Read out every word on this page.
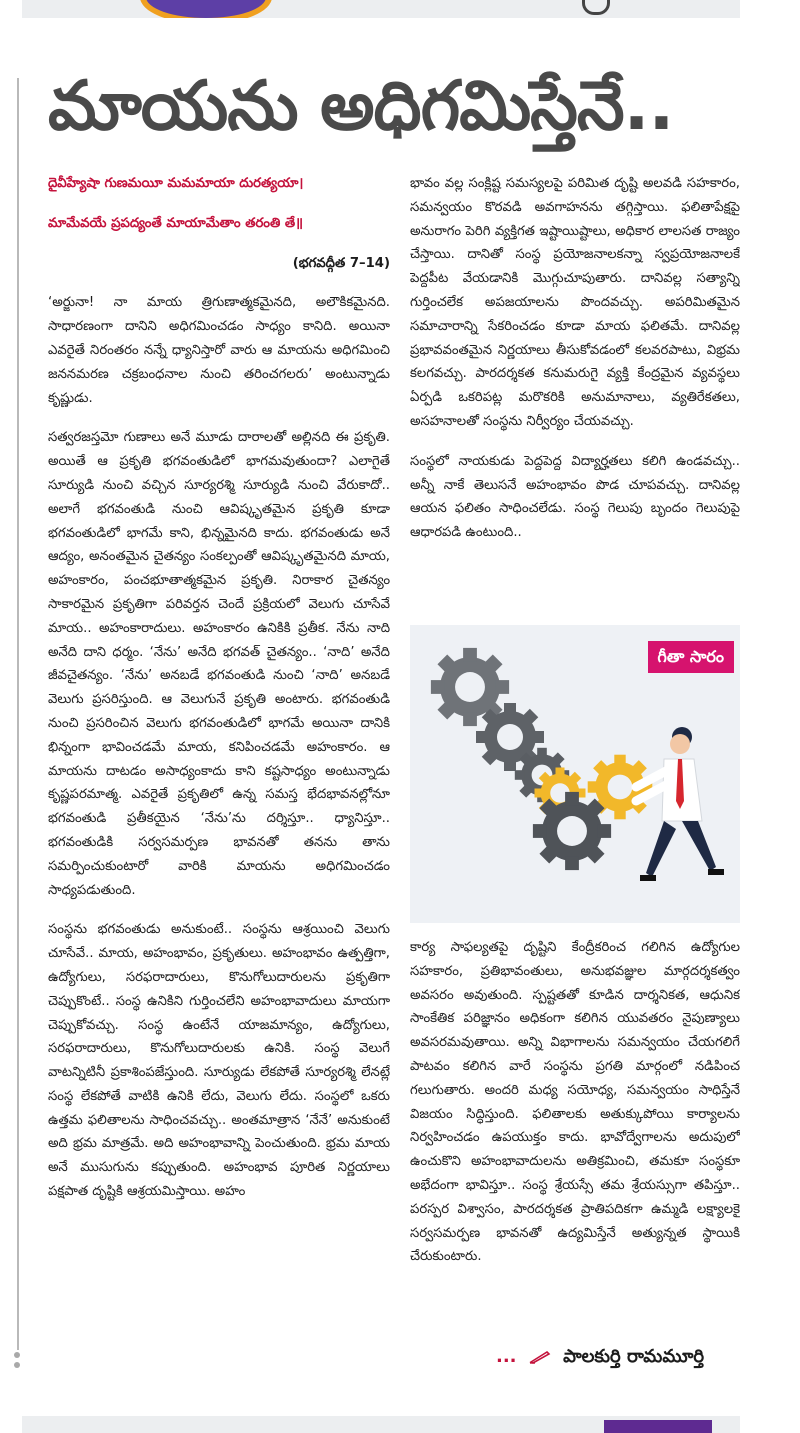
మాయను అధిగమిస్తేనే..

దైవీహ్యేషా గుణమయీ మమమాయా దురత్యయా।

మామేవయే ప్రపద్యంతే మాయామేతాం తరంతి తే॥

(భగవద్గీత 7–14)

‘అర్జునా! నా మాయ త్రిగుణాత్మకమైనది, అలౌకికమైనది. సాధారణంగా దానిని అధిగమించడం సాధ్యం కానిది. అయినా ఎవరైతే నిరంతరం నన్నే ధ్యానిస్తారో వారు ఆ మాయను అధిగమించి జననమరణ చక్రబంధనాల నుంచి తరించగలరు’ అంటున్నాడు కృష్ణుడు.

సత్వరజస్తమో గుణాలు అనే మూడు దారాలతో అల్లినది ఈ ప్రకృతి. అయితే ఆ ప్రకృతి భగవంతుడిలో భాగమవుతుందా? ఎలాగైతే సూర్యుడి నుంచి వచ్చిన సూర్యరశ్మి సూర్యుడి నుంచి వేరుకాదో.. అలాగే భగవంతుడి నుంచి ఆవిష్కృతమైన ప్రకృతి కూడా భగవంతుడిలో భాగమే కాని, భిన్నమైనది కాదు. భగవంతుడు అనే ఆద్యం, అనంతమైన చైతన్యం సంకల్పంతో ఆవిష్కృతమైనది మాయ, అహంకారం, పంచభూతాత్మకమైన ప్రకృతి. నిరాకార చైతన్యం సాకారమైన ప్రకృతిగా పరివర్తన చెందే ప్రక్రియలో వెలుగు చూసేవే మాయ.. అహంకారాదులు. అహంకారం ఉనికికి ప్రతీక. నేను నాది అనేది దాని ధర్మం. ‘నేను’ అనేది భగవత్ చైతన్యం.. ‘నాది’ అనేది జీవచైతన్యం. ‘నేను’ అనబడే భగవంతుడి నుంచి ‘నాది’ అనబడే వెలుగు ప్రసరిస్తుంది. ఆ వెలుగునే ప్రకృతి అంటారు. భగవంతుడి నుంచి ప్రసరించిన వెలుగు భగవంతుడిలో భాగమే అయినా దానికి భిన్నంగా భావించడమే మాయ, కనిపించడమే అహంకారం. ఆ మాయను దాటడం అసాధ్యంకాదు కాని కష్టసాధ్యం అంటున్నాడు కృష్ణపరమాత్మ. ఎవరైతే ప్రకృతిలో ఉన్న సమస్త భేదభావనల్లోనూ భగవంతుడి ప్రతీకయైన ‘నేను’ను దర్శిస్తూ.. ధ్యానిస్తూ.. భగవంతుడికి సర్వసమర్పణ భావనతో తనను తాను సమర్పించుకుంటారో వారికి మాయను అధిగమించడం సాధ్యపడుతుంది.

సంస్థను భగవంతుడు అనుకుంటే.. సంస్థను ఆశ్రయించి వెలుగు చూసేవే.. మాయ, అహంభావం, ప్రకృతులు. అహంభావం ఉత్పత్తిగా, ఉద్యోగులు, సరఫరాదారులు, కొనుగోలుదారులను ప్రకృతిగా చెప్పుకొంటే.. సంస్థ ఉనికిని గుర్తించలేని అహంభావాదులు మాయగా చెప్పుకోవచ్చు. సంస్థ ఉంటేనే యాజమాన్యం, ఉద్యోగులు, సరఫరాదారులు, కొనుగోలుదారులకు ఉనికి. సంస్థ వెలుగే వాటన్నిటినీ ప్రకాశింపజేస్తుంది. సూర్యుడు లేకపోతే సూర్యరశ్మి లేనట్లే సంస్థ లేకపోతే వాటికి ఉనికి లేదు, వెలుగు లేదు. సంస్థలో ఒకరు ఉత్తమ ఫలితాలను సాధించవచ్చు.. అంతమాత్రాన ‘నేనే’ అనుకుంటే అది భ్రమ మాత్రమే. అది అహంభావాన్ని పెంచుతుంది. భ్రమ మాయ అనే ముసుగును కప్పుతుంది. అహంభావ పూరిత నిర్ణయాలు పక్షపాత దృష్టికి ఆశ్రయమిస్తాయి. అహం

భావం వల్ల సంక్లిష్ట సమస్యలపై పరిమిత దృష్టి అలవడి సహకారం, సమన్వయం కొరవడి అవగాహనను తగ్గిస్తాయి. ఫలితాపేక్షపై అనురాగం పెరిగి వ్యక్తిగత ఇష్టాయిష్టాలు, అధికార లాలసత రాజ్యం చేస్తాయి. దానితో సంస్థ ప్రయోజనాలకన్నా స్వప్రయోజనాలకే పెద్దపీట వేయడానికి మొగ్గుచూపుతారు. దానివల్ల సత్యాన్ని గుర్తించలేక అపజయాలను పొందవచ్చు. అపరిమితమైన సమాచారాన్ని సేకరించడం కూడా మాయ ఫలితమే. దానివల్ల ప్రభావవంతమైన నిర్ణయాలు తీసుకోవడంలో కలవరపాటు, విభ్రమ కలగవచ్చు. పారదర్శకత కనుమరుగై వ్యక్తి కేంద్రమైన వ్యవస్థలు ఏర్పడి ఒకరిపట్ల మరొకరికి అనుమానాలు, వ్యతిరేకతలు, అసహనాలతో సంస్థను నిర్వీర్యం చేయవచ్చు.

సంస్థలో నాయకుడు పెద్దపెద్ద విద్యార్హతలు కలిగి ఉండవచ్చు.. అన్నీ నాకే తెలుసనే అహంభావం పొడ చూపవచ్చు. దానివల్ల ఆయన ఫలితం సాధించలేడు. సంస్థ గెలుపు బృందం గెలుపుపై ఆధారపడి ఉంటుంది..

గీతా సారం

కార్య సాఫల్యతపై దృష్టిని కేంద్రీకరించ గలిగిన ఉద్యోగుల సహకారం, ప్రతిభావంతులు, అనుభవజ్ఞుల మార్గదర్శకత్వం అవసరం అవుతుంది. స్పష్టతతో కూడిన దార్శనికత, ఆధునిక సాంకేతిక పరిజ్ఞానం అధికంగా కలిగిన యువతరం నైపుణ్యాలు అవసరమవుతాయి. అన్ని విభాగాలను సమన్వయం చేయగలిగే పాటవం కలిగిన వారే సంస్థను ప్రగతి మార్గంలో నడిపించ గలుగుతారు. అందరి మధ్య సయోధ్య, సమన్వయం సాధిస్తేనే విజయం సిద్ధిస్తుంది. ఫలితాలకు అతుక్కుపోయి కార్యాలను నిర్వహించడం ఉపయుక్తం కాదు. భావోద్వేగాలను అదుపులో ఉంచుకొని అహంభావాదులను అతిక్రమించి, తమకూ సంస్థకూ అభేదంగా భావిస్తూ.. సంస్థ శ్రేయస్సే తమ శ్రేయస్సుగా తపిస్తూ.. పరస్పర విశ్వాసం, పారదర్శకత ప్రాతిపదికగా ఉమ్మడి లక్ష్యాలకై సర్వసమర్పణ భావనతో ఉద్యమిస్తేనే అత్యున్నత స్థాయికి చేరుకుంటారు.

...	పాలకుర్తి రామమూర్తి
